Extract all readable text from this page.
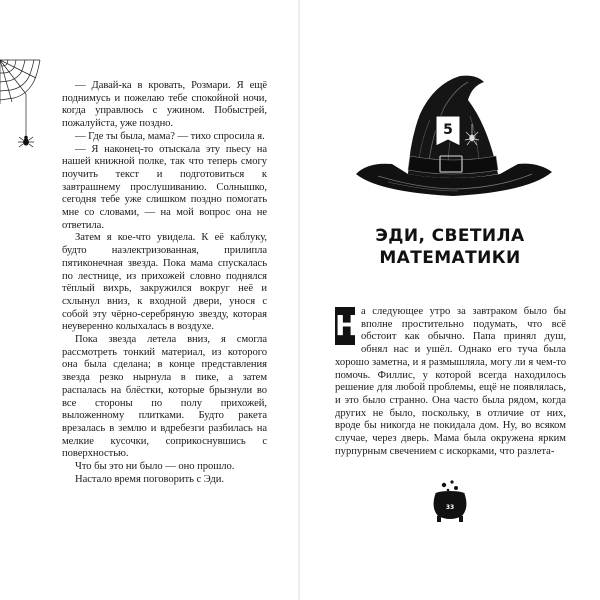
— Давай-ка в кровать, Розмари. Я ещё поднимусь и пожелаю тебе спокойной ночи, когда управлюсь с ужином. Побыстрей, пожалуйста, уже поздно.

— Где ты была, мама? — тихо спросила я.

— Я наконец-то отыскала эту пьесу на нашей книжной полке, так что теперь смогу поучить текст и подготовиться к завтрашнему прослушиванию. Солнышко, сегодня тебе уже слишком поздно помогать мне со словами, — на мой вопрос она не ответила.

Затем я кое-что увидела. К её каблуку, будто наэлектризованная, прилипла пятиконечная звезда. Пока мама спускалась по лестнице, из прихожей словно поднялся тёплый вихрь, закружился вокруг неё и схлынул вниз, к входной двери, унося с собой эту чёрно-серебряную звезду, которая неуверенно колыхалась в воздухе.

Пока звезда летела вниз, я смогла рассмотреть тонкий материал, из которого она была сделана; в конце представления звезда резко нырнула в пике, а затем распалась на блёстки, которые брызнули во все стороны по полу прихожей, выложенному плитками. Будто ракета врезалась в землю и вдребезги разбилась на мелкие кусочки, соприкоснувшись с поверхностью.

Что бы это ни было — оно прошло.

Настало время поговорить с Эди.

5
ЭДИ, СВЕТИЛА
МАТЕМАТИКИ
Н а следующее утро за завтраком было бы вполне простительно подумать, что всё обстоит как обычно. Папа принял душ, обнял нас и ушёл. Однако его туча была хорошо заметна, и я размышляла, могу ли я чем-то помочь. Филлис, у которой всегда находилось решение для любой проблемы, ещё не появлялась, и это было странно. Она часто была рядом, когда других не было, поскольку, в отличие от них, вроде бы никогда не покидала дом. Ну, во всяком случае, через дверь. Мама была окружена ярким пурпурным свечением с искорками, что разлета-

33
